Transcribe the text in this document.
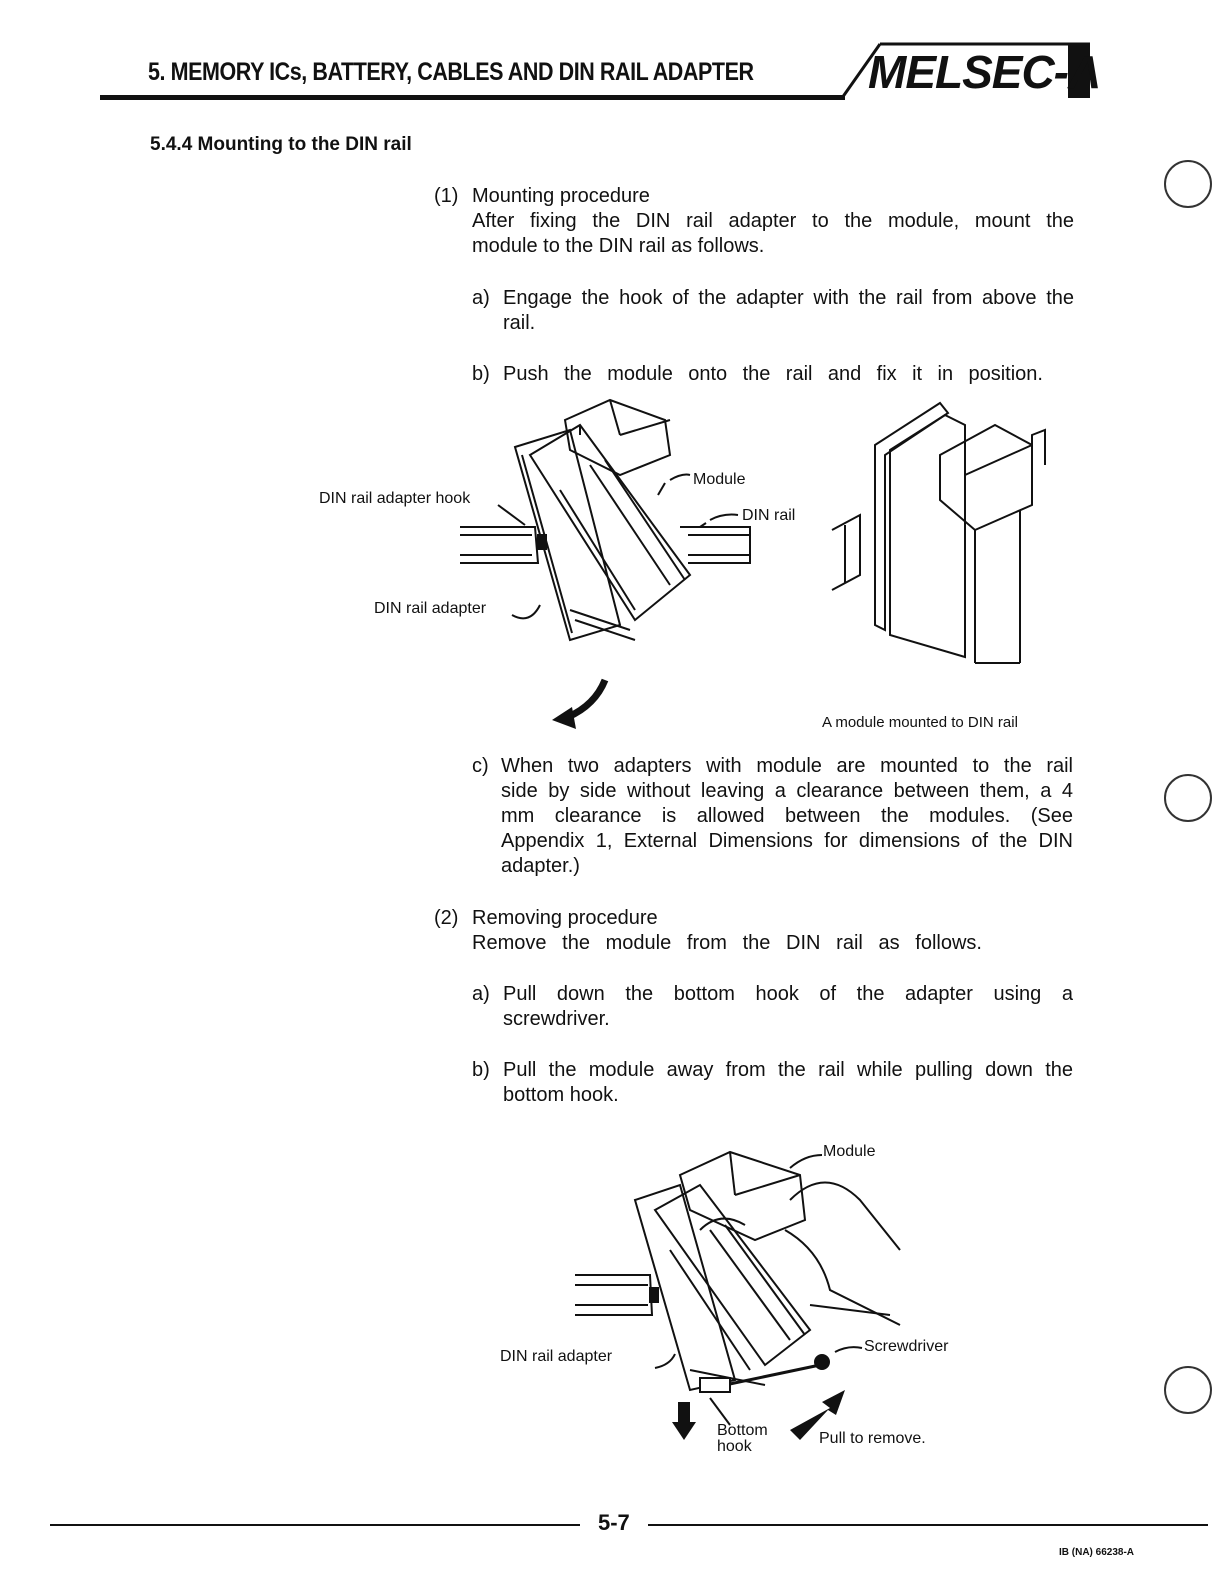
5. MEMORY ICs, BATTERY, CABLES AND DIN RAIL ADAPTER MELSEC-A
5.4.4 Mounting to the DIN rail
(1) Mounting procedure
After fixing the DIN rail adapter to the module, mount the
module to the DIN rail as follows.
a) Engage the hook of the adapter with the rail from above the
rail.
b) Push the module onto the rail and fix it in position.
DIN rail adapter hook
Module
DIN rail
DIN rail adapter
A module mounted to DIN rail
c) When two adapters with module are mounted to the rail
side by side without leaving a clearance between them, a 4
mm clearance is allowed between the modules. (See
Appendix 1, External Dimensions for dimensions of the DIN
adapter.)
(2) Removing procedure
Remove the module from the DIN rail as follows.
a) Pull down the bottom hook of the adapter using a
screwdriver.
b) Pull the module away from the rail while pulling down the
bottom hook.
Module
DIN rail adapter
Screwdriver
Bottom
hook	Pull to remove.
5-7
IB (NA) 66238-A
